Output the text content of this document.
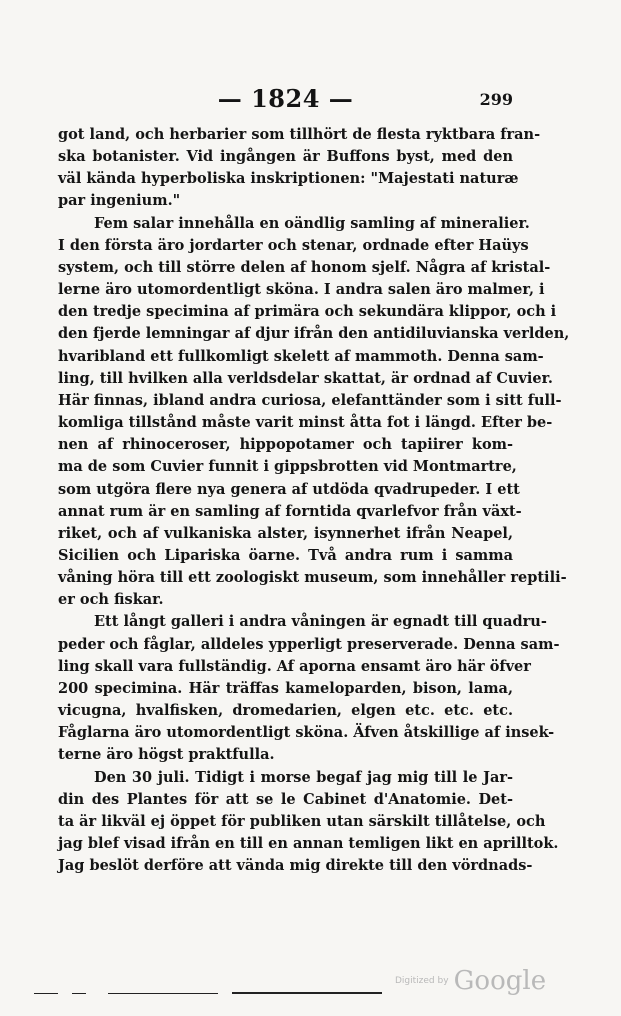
— 1824 —	299
got land, och herbarier som tillhört de flesta ryktbara fran-
ska botanister. Vid ingången är Buffons byst, med den
väl kända hyperboliska inskriptionen: "Majestati naturæ
par ingenium."
Fem salar innehålla en oändlig samling af mineralier.
I den första äro jordarter och stenar, ordnade efter Haüys
system, och till större delen af honom sjelf. Några af kristal-
lerne äro utomordentligt sköna. I andra salen äro malmer, i
den tredje specimina af primära och sekundära klippor, och i
den fjerde lemningar af djur ifrån den antidiluvianska verlden,
hvaribland ett fullkomligt skelett af mammoth. Denna sam-
ling, till hvilken alla verldsdelar skattat, är ordnad af Cuvier.
Här finnas, ibland andra curiosa, elefanttänder som i sitt full-
komliga tillstånd måste varit minst åtta fot i längd. Efter be-
nen af rhinoceroser, hippopotamer och tapiirer kom-
ma de som Cuvier funnit i gippsbrotten vid Montmartre,
som utgöra flere nya genera af utdöda qvadrupeder. I ett
annat rum är en samling af forntida qvarlefvor från växt-
riket, och af vulkaniska alster, isynnerhet ifrån Neapel,
Sicilien och Lipariska öarne. Två andra rum i samma
våning höra till ett zoologiskt museum, som innehåller reptili-
er och fiskar.
Ett långt galleri i andra våningen är egnadt till quadru-
peder och fåglar, alldeles ypperligt preserverade. Denna sam-
ling skall vara fullständig. Af aporna ensamt äro här öfver
200 specimina. Här träffas kameloparden, bison, lama,
vicugna, hvalfisken, dromedarien, elgen etc. etc. etc.
Fåglarna äro utomordentligt sköna. Äfven åtskillige af insek-
terne äro högst praktfulla.
Den 30 juli. Tidigt i morse begaf jag mig till le Jar-
din des Plantes för att se le Cabinet d'Anatomie. Det-
ta är likväl ej öppet för publiken utan särskilt tillåtelse, och
jag blef visad ifrån en till en annan temligen likt en aprilltok.
Jag beslöt derföre att vända mig direkte till den vördnads-
Digitized by Google
